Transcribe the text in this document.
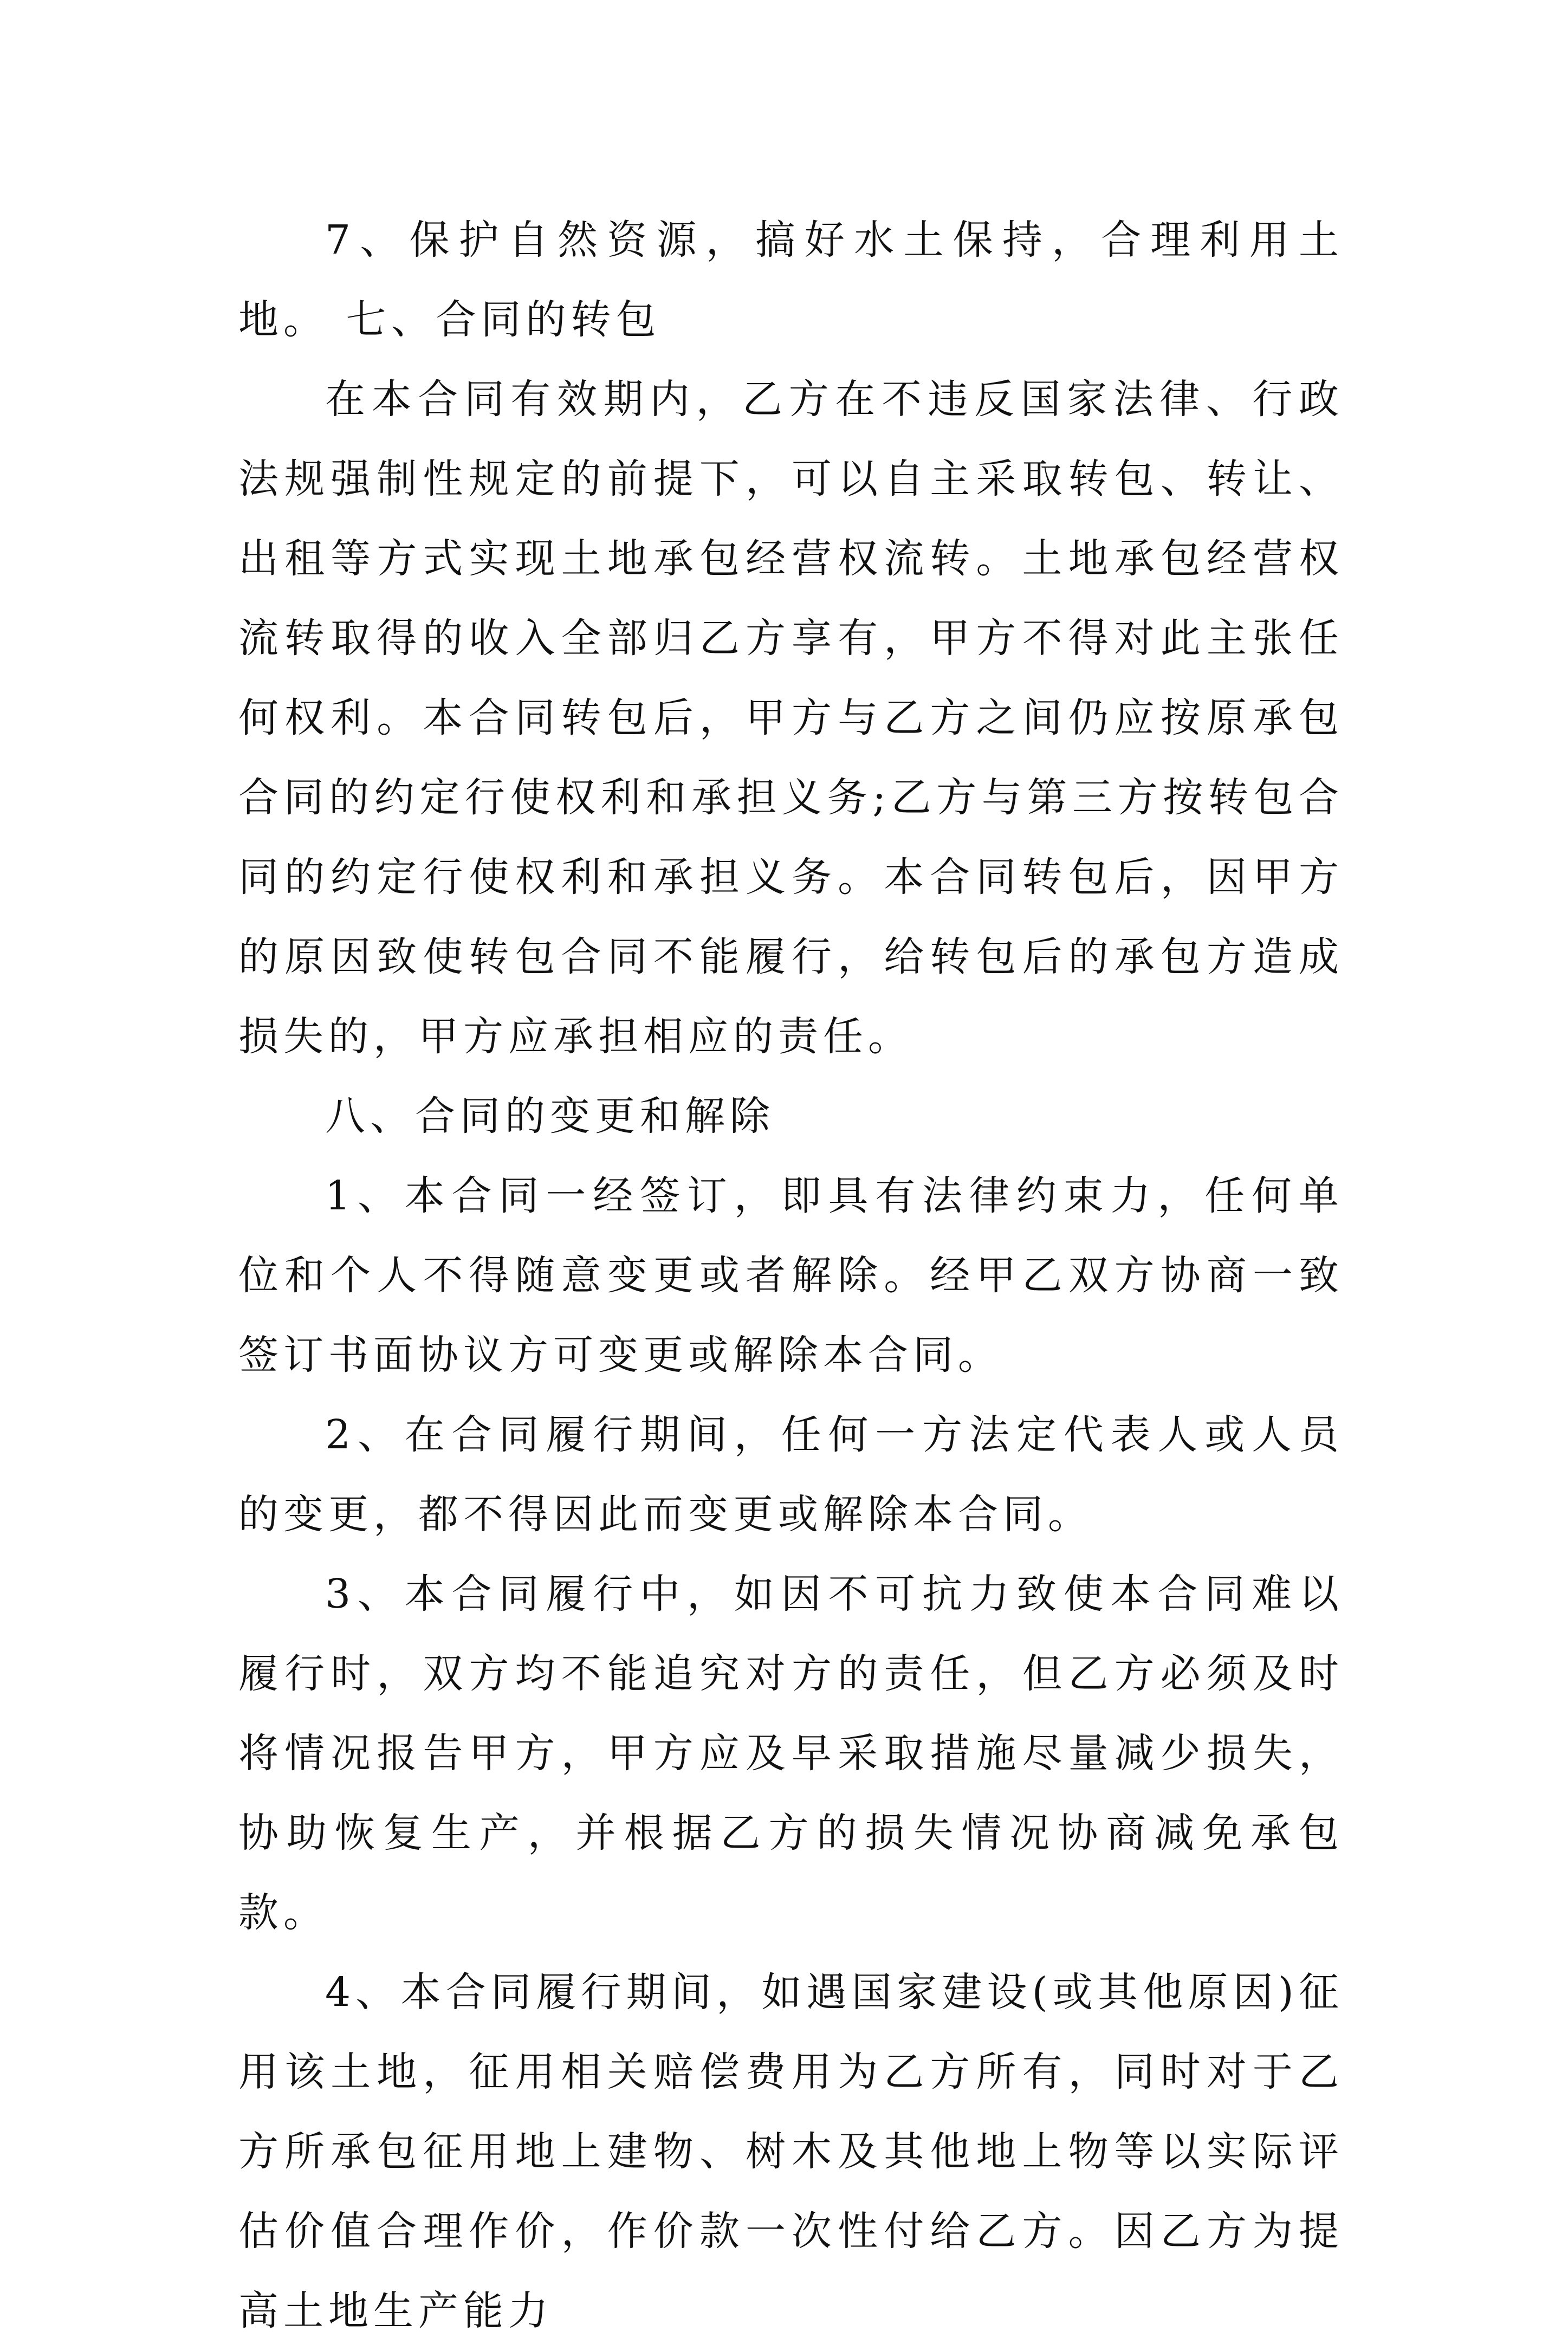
7、保护自然资源，搞好水土保持，合理利用土地。 七、合同的转包

在本合同有效期内，乙方在不违反国家法律、行政法规强制性规定的前提下，可以自主采取转包、转让、出租等方式实现土地承包经营权流转。土地承包经营权流转取得的收入全部归乙方享有，甲方不得对此主张任何权利。本合同转包后，甲方与乙方之间仍应按原承包合同的约定行使权利和承担义务;乙方与第三方按转包合同的约定行使权利和承担义务。本合同转包后，因甲方的原因致使转包合同不能履行，给转包后的承包方造成损失的，甲方应承担相应的责任。

八、合同的变更和解除

1、本合同一经签订，即具有法律约束力，任何单位和个人不得随意变更或者解除。经甲乙双方协商一致签订书面协议方可变更或解除本合同。

2、在合同履行期间，任何一方法定代表人或人员的变更，都不得因此而变更或解除本合同。

3、本合同履行中，如因不可抗力致使本合同难以履行时，双方均不能追究对方的责任，但乙方必须及时将情况报告甲方，甲方应及早采取措施尽量减少损失，协助恢复生产，并根据乙方的损失情况协商减免承包款。

4、本合同履行期间，如遇国家建设(或其他原因)征用该土地，征用相关赔偿费用为乙方所有，同时对于乙方所承包征用地上建物、树木及其他地上物等以实际评估价值合理作价，作价款一次性付给乙方。因乙方为提高土地生产能力
